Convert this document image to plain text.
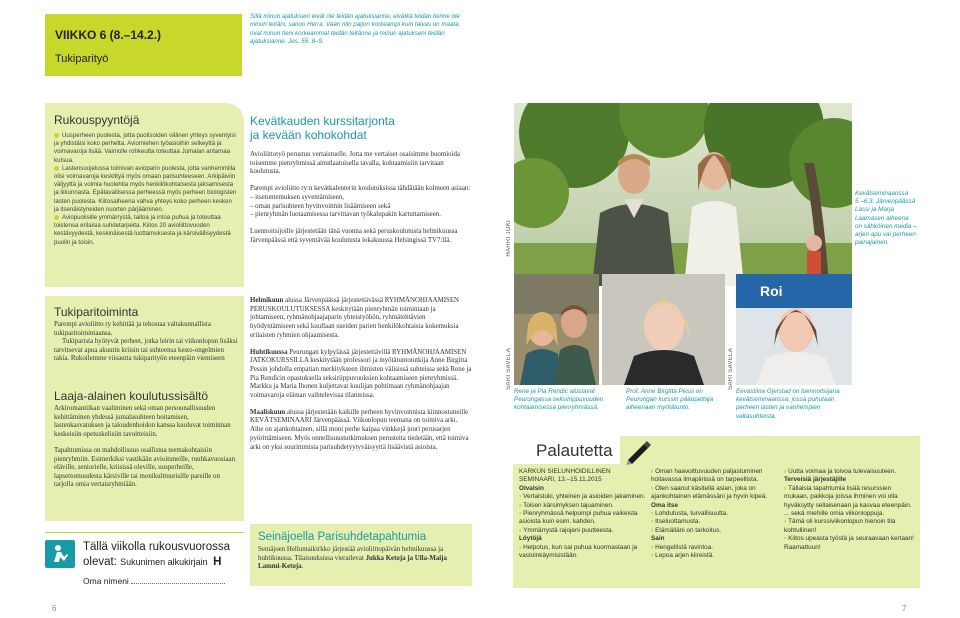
VIIKKO 6 (8.–14.2.)
Tukiparityö
Sillä minun ajatukseni eivät ole teidän ajatuksianne, eivätkä teidän tienne ole minun teitäni, sanoo Herra. Vaan niin paljon korkeampi kuin taivas on maata, ovat minun tieni korkeammat teidän teitänne ja minun ajatukseni teidän ajatuksianne. Jes. 55: 8–9.
Rukouspyyntöjä

Uusperheen puolesta, jotta puolisoiden välinen yhteys syventyisi ja yhdistäisi koko perhetta. Aviomiehen työasioihin selkeyttä ja voimavaroja lisää. Vaimolle rohkeutta toteuttaa Jumalan antamaa kutsua.

Lastensuojelussa toimivan avioparin puolesta, jotta vanhemmilla olisi voimavaroja keskittyä myös omaan parisuhteeseen. Arkipäiviin väljyyttä ja voimia huolehtia myös henkilökohtaisesta jaksamisesta ja liikunnasta. Epätavallisessa perheessä myös perheen biologisten lasten puolesta. Kiitosaiheena vahva yhteys koko perheen kesken ja itsenäistyneiden nuorten pärjääminen.

Aviopuolisille ymmärrystä, taitoa ja intoa puhua ja toteuttaa toistensa erilaisia suhdetarpeita. Kiitos 20 avioliittovuoden kestävyydestä, keskinäisestä luottamuksesta ja kärsivällisyydestä puolin ja toisin.

Tukiparitoiminta

Parempi avioliitto ry kehittää ja tehostaa valtakunnallista tukiparitoimintaansa.

Tukiparista hyötyvät perheet, jotka leirin tai viikonlopun lisäksi tarvitsevat apua akuutin kriisin tai suhteensa kesto-ongelmien takia. Rukoilemme viisautta tukiparityön eteenpäin viemiseen

Laaja-alainen koulutussisältö

Arkiromantiikan vaaliminen sekä oman persoonallisuuden kehittäminen yhdessä jumalasuhteen hoitamisen, lastenkasvatuksen ja taloudenhoidon kanssa kuuluvat toiminnan keskeisiin opetuskelisiin tavoitteisiin.

Tapahtumissa on mahdollisuus osallistua teemakohtaisiin pienryhmiin. Esimerkiksi vastikään avioituneille, ruuhkavuosiaan eläville, seniorielle, kriisissä oleville, uusperheille, lapsettomuudesta kärsiville tai monikulttuurisille pareille on tarjolla omia vertaisryhmiään.

Tällä viikolla rukousvuorossa
olevat: Sukunimen alkukirjain H
Oma nimeni
6
Kevätkauden kurssitarjonta
ja kevään kohokohdat

Avioliittotyö perustuu vertaistuelle. Jotta me vertaiset osaisimme huomioida toisemme pienryhmissä ainutlaatuisella tavalla, kohtaamisiin tarvitaan koulutusta.

Parempi avioliitto ry:n kevätkalenterin koulutuksissa tähdätään kolmeen asiaan:

– itsetuntemuksen syventämiseen,

– oman parisuhteen hyvinvoinnin lisäämiseen sekä

– pienryhmän luotaamisessa tarvittavan työkalupakin kartuttamiseen.

Luennoitsijoille järjestetään tänä vuonna sekä peruskoulutusta helmikuussa Järvenpäässä että syventävää koulutusta lokakuussa Helsingissä TV7:llä.

Helmikuun alussa Järvenpäässä järjestettävässä RYHMÄNOHJAAMISEN PERUSKOULUTUKSESSA keskitytään pienryhmän toimintaan ja johtamiseen, ryhmänohjaajaparin yhteistyöhön, ryhmätehtävien hyödyntämiseen sekä kuullaan useiden parien henkilökohtaisia kokemuksia erilaisten ryhmien ohjaamisesta.

Huhtikuussa Peurungan kylpylässä järjestettävillä RYHMÄNOHJAAMISEN JATKOKURSSILLA keskitytään professori ja myötätuntotutkija Anne Birgitta Pessin johdolla empatian merkitykseen ihmisten välisissä suhteissa sekä Rene ja Pia Rendicin opastuksella seksiriippuvuuksien kohtaamiseen pienryhmissä. Markku ja Maria Ihonen kuljettavat kuulijan pohtimaan ryhmänohjaajan voimavaroja eläman vaihtelevissa tilanteissa.

Maaliskuun alussa järjestetään kaikille perheen hyvinvoinnista kiinnostuneille KEVÄTSEMINAARI Järvenpäässä. Viikonlopun teemana on toimiva arki. Aihe on ajankohtainen, sillä moni perhe kaipaa vinkkejä juuri perusarjen pyörittämiseen. Myös onnellisuustutkimuksen perusteita tiedetään, että toimiva arki on yksi suurimmista parisuhdetyytyväisyyttä lisäävistä asioista.

Seinäjoella Parisuhdetapahtumia
Seinäjoen Helluntaikirkko järjestää avioliittopäivän helmikuussa ja huhtikuussa. Tilaisuuksissa vierailevat Jukka Ketoja ja Ulla-Maija Lammi-Ketoja.
HARRI JOKI
Kevätseminaarissa 5.–6.3. Järvenpäässä Lassi ja Marja Laamasen aiheena on sähköinen media – arjen apu vai perheen painajainen.
Roi
SARI SAVELA	SARI SAVELA
Rene ja Pia Rendic alustavat Peurungassa seksiirippuvuuden kohtaamisessa pienryhmässä.
Prof. Anne Birgitta Pessi on Peurungan kurssin pääopettaja aiheenaan myötätunto.
Eevastiina Gjerstad on luennoitsijana kevätseminaarissa, jossa puhutaan perheen lasten ja vanhempien valtasuhteista.
Palautetta

KARKUN SIELUNHOIDILLINEN

SEMINAARI, 13.–15.11.2015

Oivalsin

› Vertaistuki, yhteinen ja asioiden jakaminen.

› Toisen kärsimyksen tajuaminen.

› Pienryhmässä helpompi puhua vaikeista asioista kuin esim. kahden.

› Ymmärrystä rajojeni puutteesta.

Löytöjä

› Helpotus, kun sai puhua kuormastaan ja vastoinkäymisistään.

› Oman haavoittuvuuden paljastuminen hoitavassa ilmapiirissä on tarpeellista.

› Olen saanut käsitellä asian, joka on ajankohtainen elämässäni ja hyvin kipeä.

Oma itse

› Lohdutusta, turvallisuutta.

› Itseluottamusta.

› Elämälläni on tarkoitus.

Sain

› Hengellistä ravintoa.

› Lepoa arjen kiireistä.

› Uutta voimaa ja toivoa tulevaisuuteen.

Terveisiä järjestäjille

› Tällaisia tapahtumia lisää resurssien mukaan, paikkoja joissa ihminen voi olla hyväksytty sellaisenaan ja kasvaa eteenpäin. ... sekä miehille omia viikonloppuja.

› Tämä oli kurssiviikonlopun hienoin tila kohtullinen!

› Kiitos upeasta työstä ja seuraavaan kertaan! Raamattuun!

7
